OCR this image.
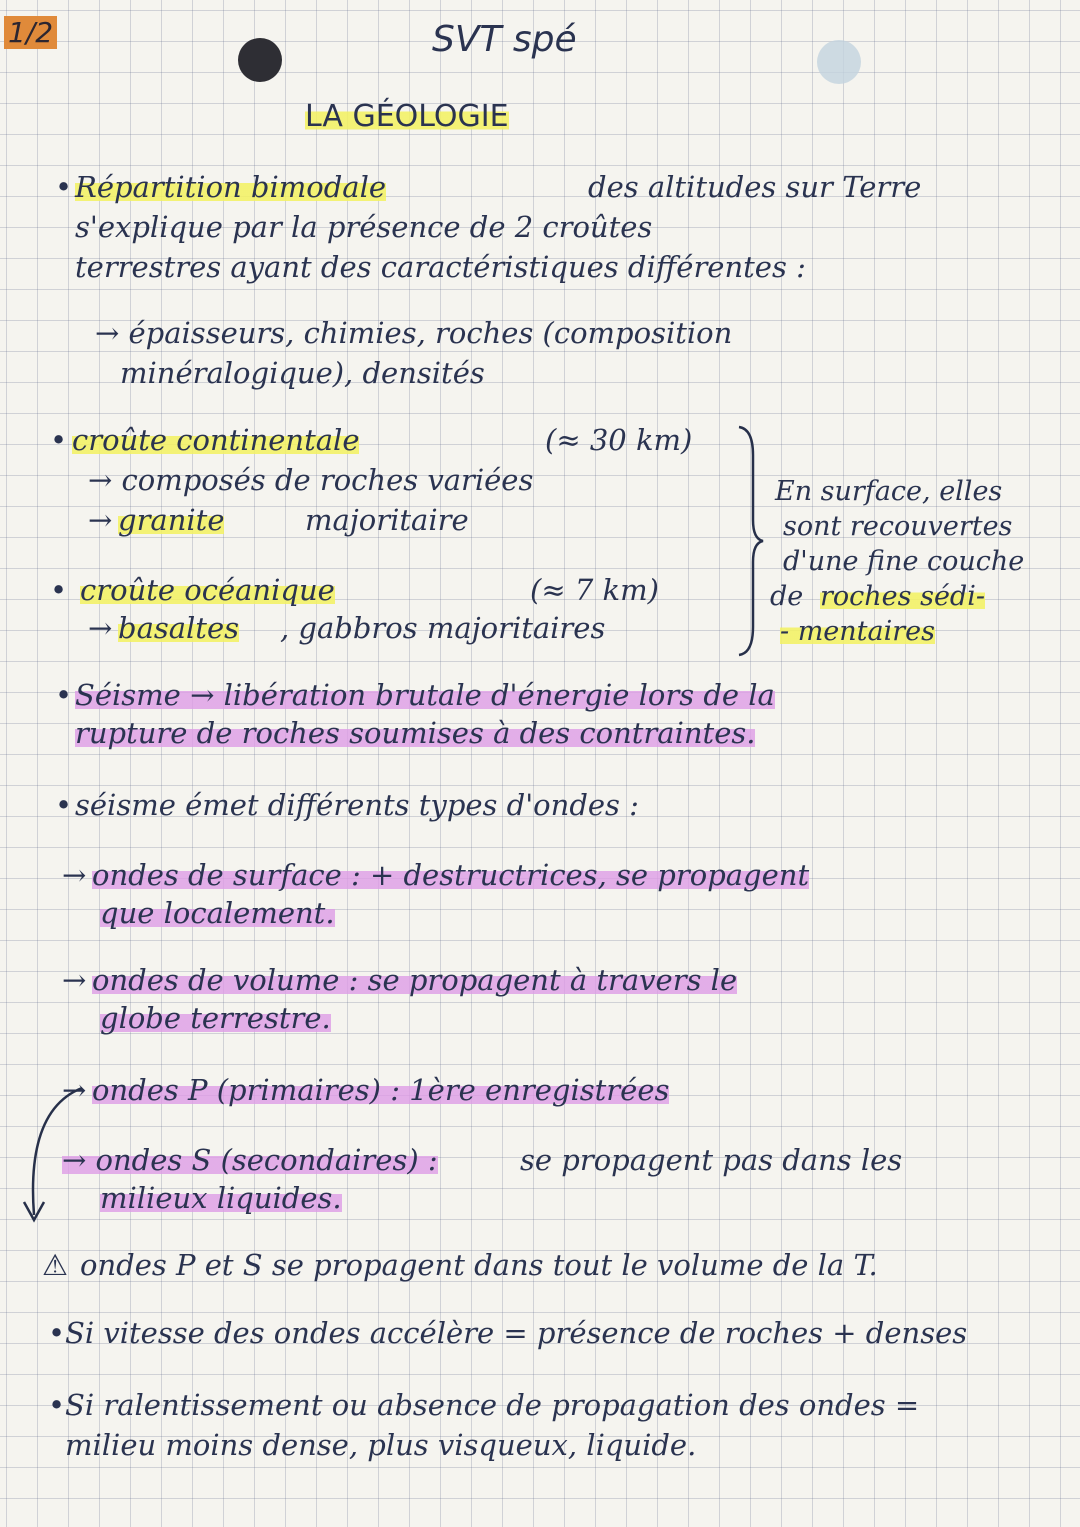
1/2	SVT spé
LA GÉOLOGIE
• Répartition bimodale	des altitudes sur Terre
s'explique par la présence de 2 croûtes
terrestres ayant des caractéristiques différentes :
→ épaisseurs, chimies, roches (composition
minéralogique), densités
• croûte continentale	(≈ 30 km)
→ composés de roches variées
→ granite	majoritaire
• croûte océanique	(≈ 7 km)
→ basaltes , gabbros majoritaires
En surface, elles
sont recouvertes
d'une fine couche
de roches sédi-
- mentaires
• Séisme → libération brutale d'énergie lors de la
rupture de roches soumises à des contraintes.
• séisme émet différents types d'ondes :
→ ondes de surface : + destructrices, se propagent
que localement.
→ ondes de volume : se propagent à travers le
globe terrestre.
→ ondes P (primaires) : 1ère enregistrées
→ ondes S (secondaires) :	se propagent pas dans les
milieux liquides.
⚠ ondes P et S se propagent dans tout le volume de la T.
• Si vitesse des ondes accélère = présence de roches + denses
• Si ralentissement ou absence de propagation des ondes =
milieu moins dense, plus visqueux, liquide.
